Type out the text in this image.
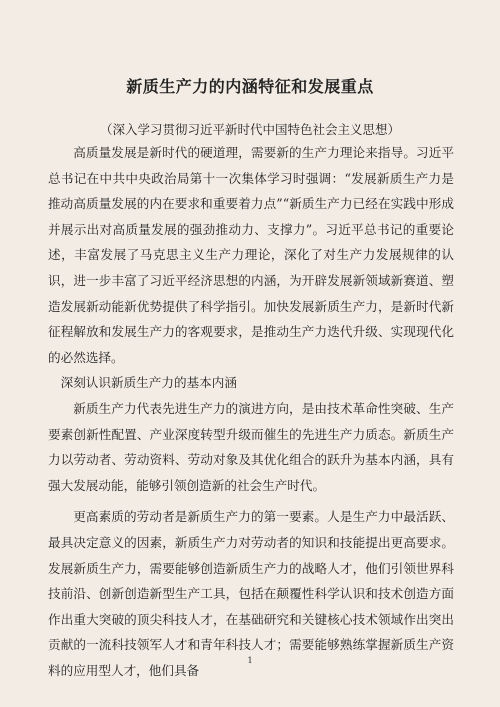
新质生产力的内涵特征和发展重点
（深入学习贯彻习近平新时代中国特色社会主义思想）

高质量发展是新时代的硬道理，需要新的生产力理论来指导。习近平总书记在中共中央政治局第十一次集体学习时强调：“发展新质生产力是推动高质量发展的内在要求和重要着力点”“新质生产力已经在实践中形成并展示出对高质量发展的强劲推动力、支撑力”。习近平总书记的重要论述，丰富发展了马克思主义生产力理论，深化了对生产力发展规律的认识，进一步丰富了习近平经济思想的内涵，为开辟发展新领域新赛道、塑造发展新动能新优势提供了科学指引。加快发展新质生产力，是新时代新征程解放和发展生产力的客观要求，是推动生产力迭代升级、实现现代化的必然选择。

深刻认识新质生产力的基本内涵

新质生产力代表先进生产力的演进方向，是由技术革命性突破、生产要素创新性配置、产业深度转型升级而催生的先进生产力质态。新质生产力以劳动者、劳动资料、劳动对象及其优化组合的跃升为基本内涵，具有强大发展动能，能够引领创造新的社会生产时代。

更高素质的劳动者是新质生产力的第一要素。人是生产力中最活跃、最具决定意义的因素，新质生产力对劳动者的知识和技能提出更高要求。发展新质生产力，需要能够创造新质生产力的战略人才，他们引领世界科技前沿、创新创造新型生产工具，包括在颠覆性科学认识和技术创造方面作出重大突破的顶尖科技人才，在基础研究和关键核心技术领域作出突出贡献的一流科技领军人才和青年科技人才；需要能够熟练掌握新质生产资料的应用型人才，他们具备

1
